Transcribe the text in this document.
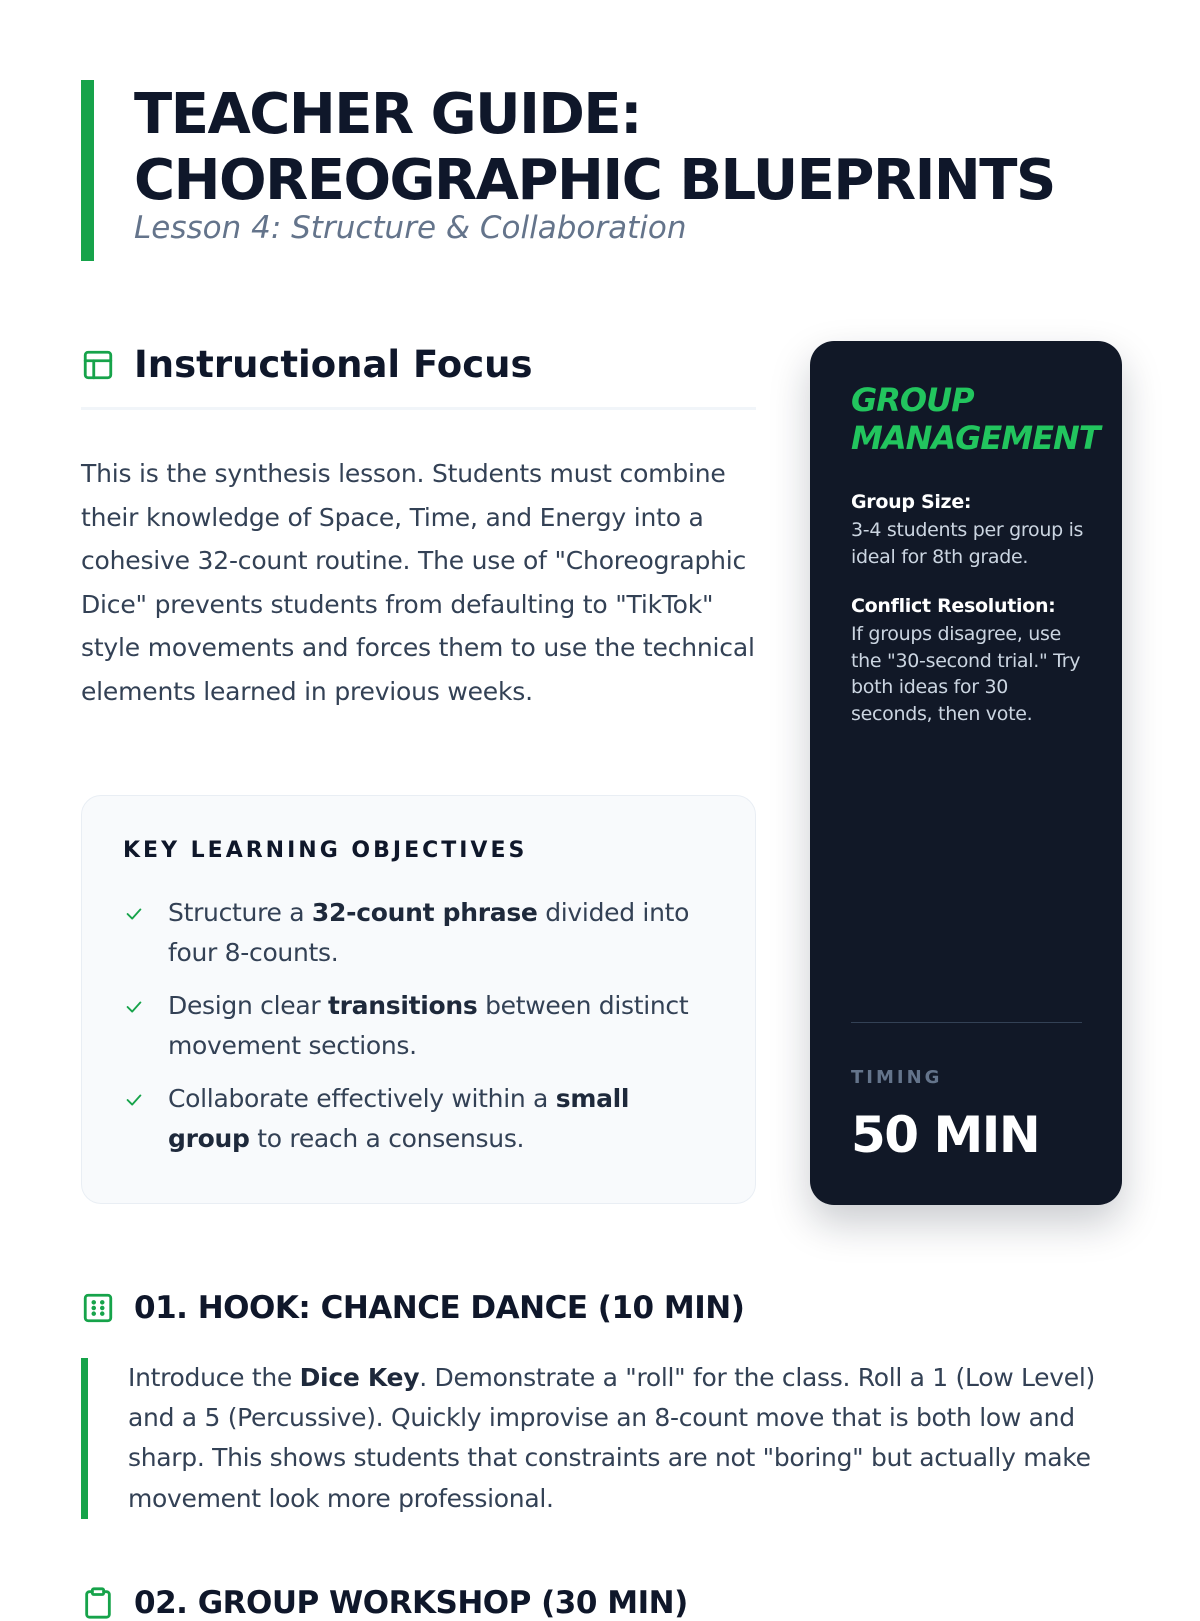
TEACHER GUIDE:
CHOREOGRAPHIC BLUEPRINTS
Lesson 4: Structure & Collaboration
Instructional Focus

This is the synthesis lesson. Students must combine their knowledge of Space, Time, and Energy into a cohesive 32-count routine. The use of "Choreographic Dice" prevents students from defaulting to "TikTok" style movements and forces them to use the technical elements learned in previous weeks.

KEY LEARNING OBJECTIVES
Structure a 32-count phrase divided into four 8-counts.
Design clear transitions between distinct movement sections.
Collaborate effectively within a small group to reach a consensus.
GROUP MANAGEMENT
Group Size:
3-4 students per group is ideal for 8th grade.
Conflict Resolution:
If groups disagree, use the "30-second trial." Try both ideas for 30 seconds, then vote.
TIMING
50 MIN
01. HOOK: CHANCE DANCE (10 MIN)

Introduce the Dice Key. Demonstrate a "roll" for the class. Roll a 1 (Low Level) and a 5 (Percussive). Quickly improvise an 8-count move that is both low and sharp. This shows students that constraints are not "boring" but actually make movement look more professional.

02. GROUP WORKSHOP (30 MIN)
